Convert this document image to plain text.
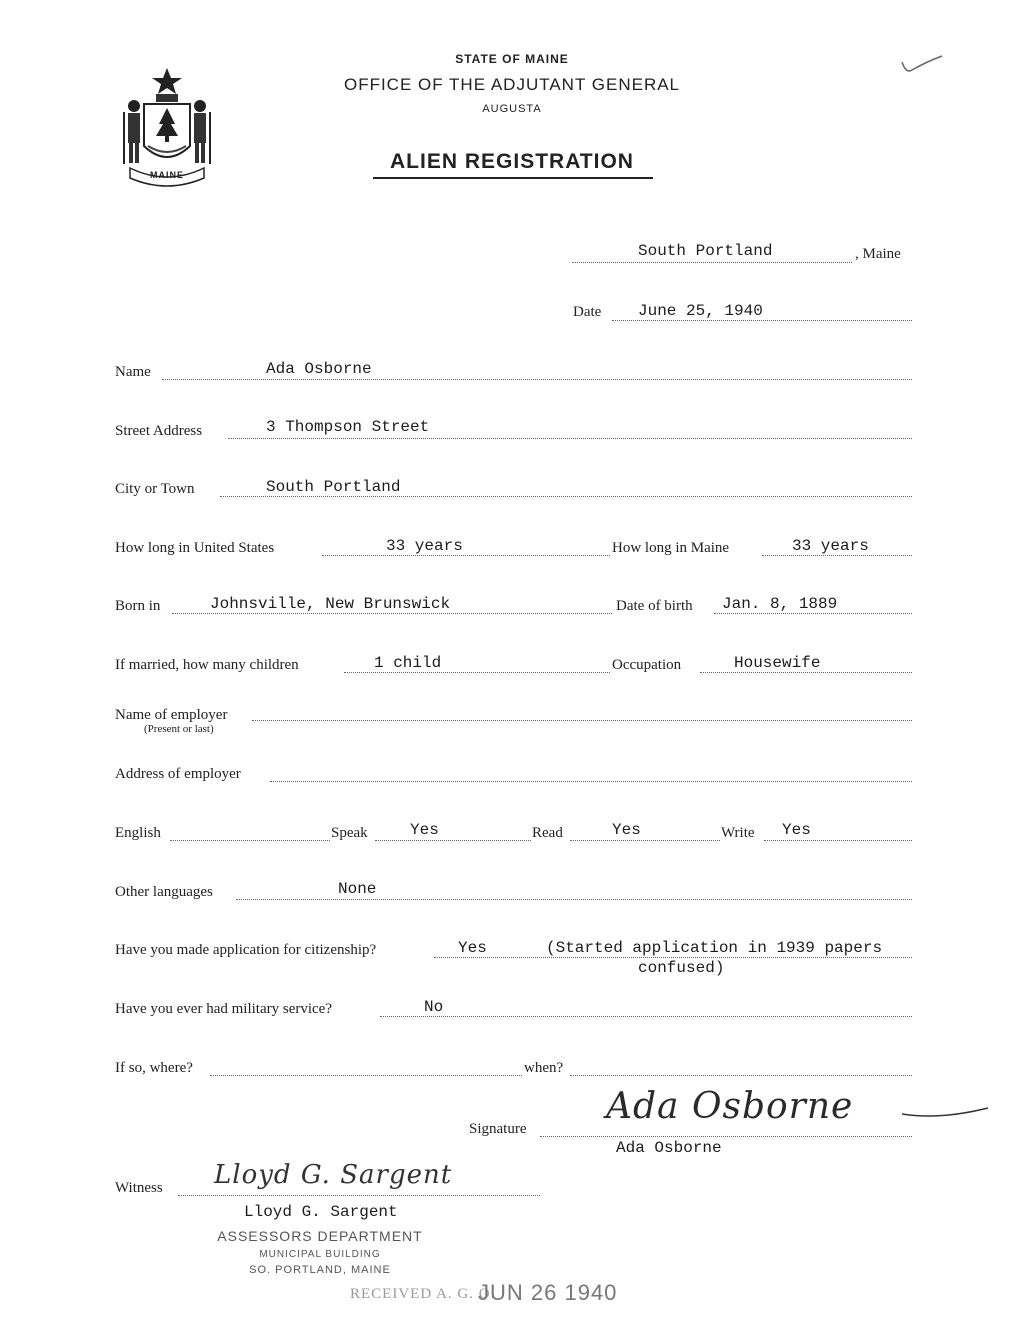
MAINE
STATE OF MAINE
OFFICE OF THE ADJUTANT GENERAL
AUGUSTA
ALIEN REGISTRATION
South Portland	, Maine
Date June 25, 1940
Name	Ada Osborne
Street Address	3 Thompson Street
City or Town	South Portland
How long in United States	33 years	How long in Maine	33 years
Born in	Johnsville, New Brunswick	Date of birth Jan. 8, 1889
If married, how many children	1 child	Occupation	Housewife
Name of employer
(Present or last)
Address of employer
English	Speak	Yes	Read	Yes	Write Yes
Other languages	None
Have you made application for citizenship?	Yes	(Started application in 1939 papers
confused)
Have you ever had military service?	No
If so, where?	when?
Signature
Ada Osborne
Ada Osborne
Witness Lloyd G. Sargent
Lloyd G. Sargent
ASSESSORS DEPARTMENT
MUNICIPAL BUILDING
SO. PORTLAND, MAINE
RECEIVED A. G. O.
JUN 26 1940
